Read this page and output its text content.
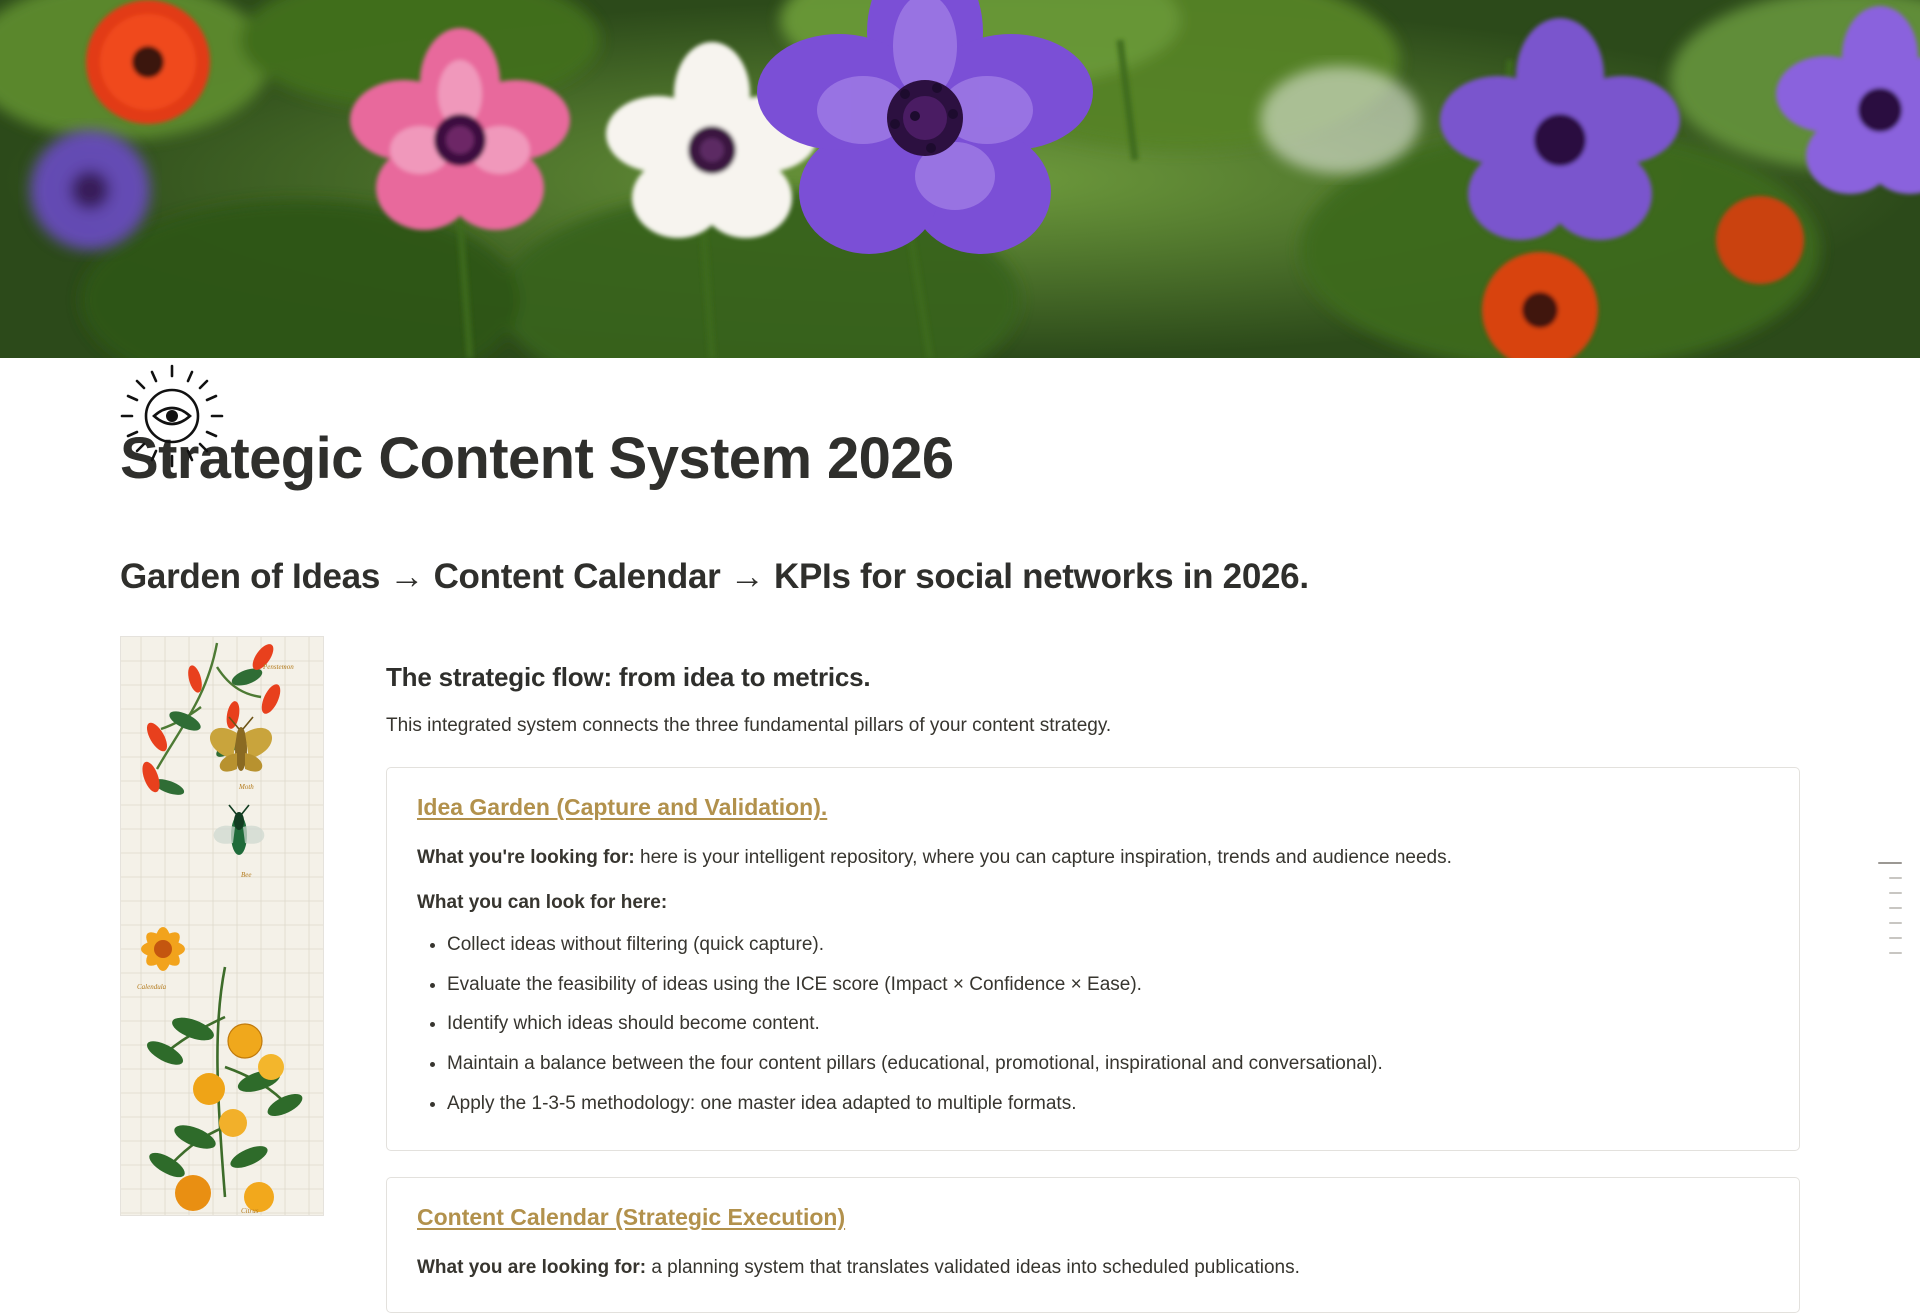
Strategic Content System 2026
Garden of Ideas → Content Calendar → KPIs for social networks in 2026.
Penstemon
Moth
Bee
Calendula
Citrus
The strategic flow: from idea to metrics.

This integrated system connects the three fundamental pillars of your content strategy.

Idea Garden (Capture and Validation).

What you're looking for: here is your intelligent repository, where you can capture inspiration, trends and audience needs.

What you can look for here:

• Collect ideas without filtering (quick capture).
• Evaluate the feasibility of ideas using the ICE score (Impact × Confidence × Ease).
• Identify which ideas should become content.
• Maintain a balance between the four content pillars (educational, promotional, inspirational and conversational).
• Apply the 1-3-5 methodology: one master idea adapted to multiple formats.
Content Calendar (Strategic Execution)

What you are looking for: a planning system that translates validated ideas into scheduled publications.
